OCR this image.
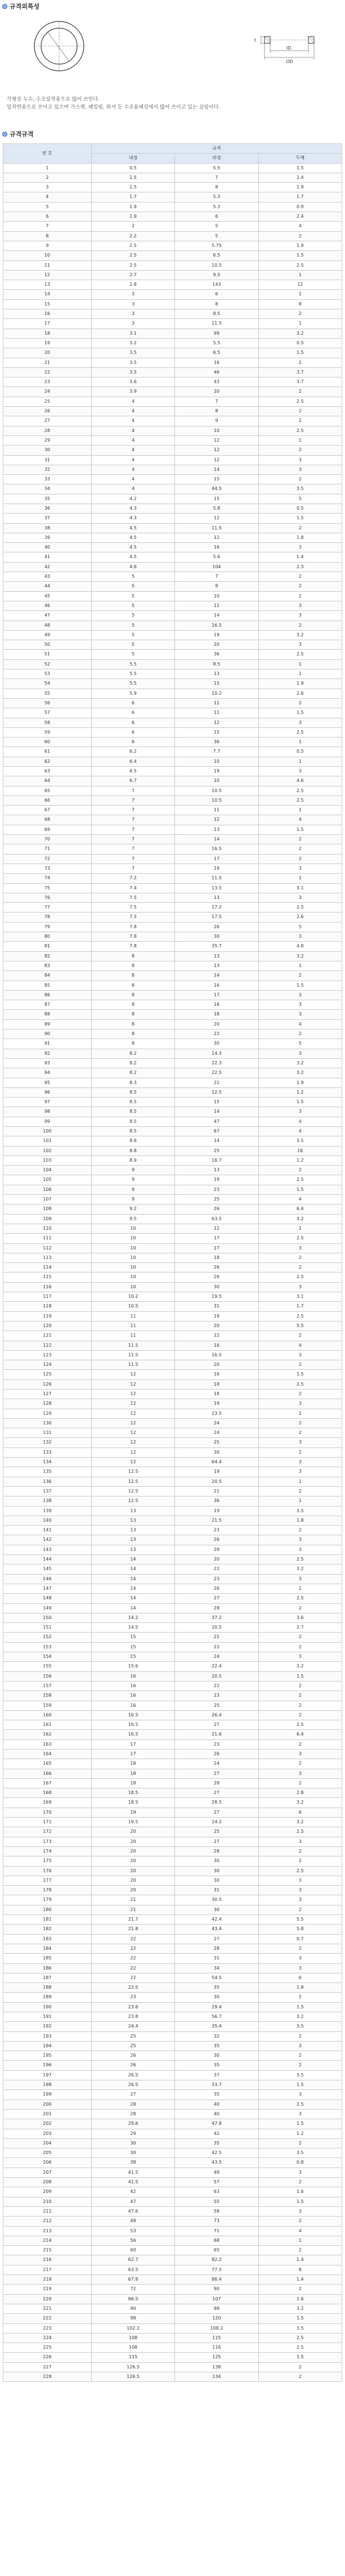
규격외특성
t
ID
OD
각형상 누수, 수조밀착용으로 많이 쓰인다.
밀착면용으로 쓰이고 있으며 가스켓, 패킹링, 와셔 등 수조용패킹에서 많이 쓰이고 있는 실링이다.
규격규격
번 호	규격		
	내경	외경	두께
1	0.5	5.5	1.5
2	1.5	7	2.4
3	1.5	8	1.9
4	1.7	5.3	1.7
5	1.9	5.3	0.9
6	1.9	6	2.4
7	2	5	4
8	2.2	5	2
9	2.5	5.75	1.9
10	2.5	6.5	1.5
11	2.5	10.5	2.5
12	2.7	9.5	1
13	2.8	143	12
14	3	6	1
15	3	8	8
16	3	8.5	2
17	3	11.5	1
18	3.1	99	3.2
19	3.2	5.5	0.5
20	3.5	6.5	1.5
21	3.5	16	2
22	3.5	46	3.7
23	3.6	43	3.7
24	3.9	20	2
25	4	7	2.5
26	4	8	2
27	4	9	2
28	4	10	2.5
29	4	12	1
30	4	12	2
31	4	12	3
32	4	14	3
33	4	15	2
34	4	44.5	3.5
35	4.2	15	5
36	4.3	5.8	0.5
37	4.3	12	1.5
38	4.5	11.5	2
39	4.5	12	1.8
40	4.5	16	3
41	4.5	5.6	1.4
42	4.6	104	2.3
43	5	7	2
44	5	8	2
45	5	10	2
46	5	11	3
47	5	14	3
48	5	16.5	2
49	5	19	3.2
50	5	20	3
51	5	36	2.5
52	5.5	8.5	1
53	5.5	13	1
54	5.5	15	1.9
55	5.9	10.2	2.6
56	6	11	2
57	6	11	1.5
58	6	12	3
59	6	15	2.5
60	6	36	1
61	6.2	7.7	0.5
62	6.4	10	1
63	6.5	19	3
64	6.7	10	4.6
65	7	10.5	2.5
66	7	10.5	2.5
67	7	11	1
68	7	12	4
69	7	13	1.5
70	7	14	2
71	7	16.5	2
72	7	17	2
73	7	19	3
74	7.2	11.5	1
75	7.4	13.5	3.1
76	7.5	13	3
77	7.5	17.2	2.5
78	7.5	17.5	2.6
79	7.8	26	5
80	7.8	30	3
81	7.8	35.7	4.8
82	8	13	3.2
83	8	13	1
84	8	14	2
85	8	16	1.5
86	8	17	3
87	8	18	3
88	8	18	3
89	8	20	4
90	8	22	2
91	8	30	5
92	8.2	14.3	3
93	8.2	22.3	3.2
94	8.2	22.5	3.2
95	8.3	22	1.9
96	8.5	12.5	1.2
97	8.5	15	1.5
98	8.5	14	3
99	8.5	47	4
100	8.5	67	4
101	8.6	14	3.5
102	8.8	25	16
103	8.9	16.7	1.2
104	9	13	2
105	9	19	2.5
106	9	23	1.5
107	9	25	4
108	9.2	26	6.4
109	9.5	63.5	3.2
110	10	12	1
111	10	17	2.5
112	10	17	3
113	10	18	2
114	10	26	2
115	10	26	2.5
116	10	30	3
117	10.2	19.5	3.1
118	10.5	31	1.7
119	11	19	2.5
120	11	20	5.5
121	11	22	2
122	11.5	16	4
123	11.5	16.5	3
124	11.5	20	2
125	12	16	1.5
126	12	18	2.5
127	12	18	2
128	12	19	3
129	12	23.5	1
130	12	24	2
131	12	24	2
132	12	25	3
133	12	30	2
134	12	64.4	3
135	12.5	19	3
136	12.5	20.5	1
137	12.5	21	2
138	12.5	36	1
139	13	19	3.5
140	13	21.5	1.8
141	13	23	2
142	13	26	3
143	13	29	3
144	14	20	2.5
145	14	22	3.2
146	14	23	3
147	14	26	2
148	14	27	2.5
149	14	28	2
150	14.2	37.2	3.6
151	14.5	20.5	2.7
152	15	21	2
153	15	22	2
154	15	24	3
155	15.6	22.4	3.2
156	16	20.5	1.5
157	16	22	2
158	16	23	2
159	16	25	2
160	16.5	26.4	2
161	16.5	27	2.5
162	16.5	21.6	6.4
163	17	23	2
164	17	26	3
165	18	24	2
166	18	27	3
167	18	28	2
168	18.5	27	2.8
169	18.5	28.5	3.2
170	19	27	6
171	19.5	24.2	3.2
172	20	25	2.5
173	20	27	3
174	20	28	2
175	20	30	2
176	20	30	2.5
177	20	30	3
178	20	31	3
179	21	30.5	3
180	21	30	2
181	21.7	42.4	5.5
182	21.8	43.4	5.8
183	22	27	0.7
184	22	28	2
185	22	31	3
186	22	34	3
187	22	54.5	6
188	22.5	35	1.8
189	23	30	2
190	23.6	29.4	1.5
191	23.8	56.7	3.2
192	24.4	35.4	3.5
193	25	32	2
194	25	35	3
195	26	30	2
196	26	35	2
197	26.5	37	3.5
198	26.5	33.7	1.5
199	27	35	3
200	28	40	2.5
201	28	40	3
202	29.6	47.8	1.5
203	29	42	1.2
204	30	35	2
205	30	42.5	3.5
206	38	43.5	0.8
207	41.5	49	3
208	41.5	57	2
209	42	63	1.6
210	47	55	1.5
211	47.6	58	3
212	49	73	2
213	53	71	4
214	56	68	1
215	60	65	2
216	62.7	82.2	1.4
217	63.5	77.5	8
218	67.8	86.4	1.4
219	72	90	2
220	86.5	107	1.6
221	90	98	3.2
222	98	120	1.5
223	102.2	108.2	3.5
224	108	115	2.5
225	108	116	2.5
226	115	125	1.5
227	126.5	138	2
228	126.5	134	2
